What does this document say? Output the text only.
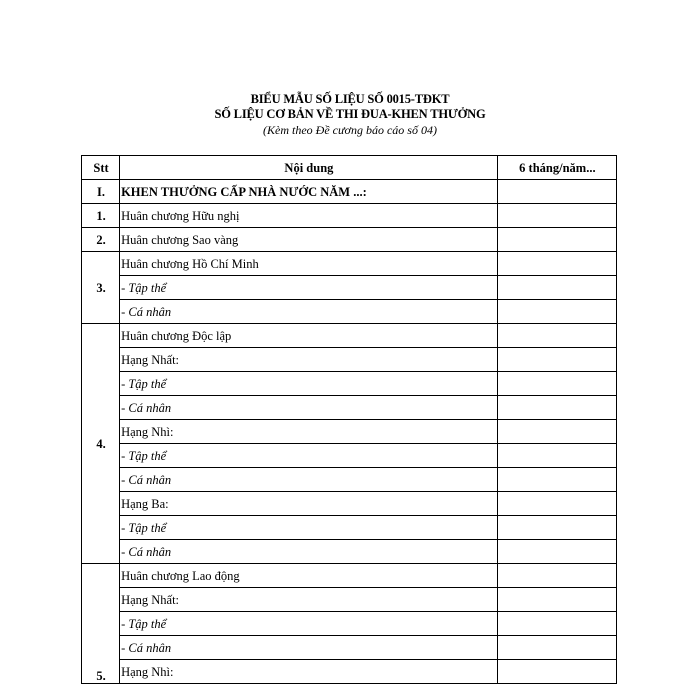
BIỂU MẪU SỐ LIỆU SỐ 0015-TĐKT
SỐ LIỆU CƠ BẢN VỀ THI ĐUA-KHEN THƯỞNG
(Kèm theo Đề cương báo cáo số 04)
Stt	Nội dung	6 tháng/năm...
I.	KHEN THƯỞNG CẤP NHÀ NƯỚC NĂM ...:	
1.	Huân chương Hữu nghị	
2.	Huân chương Sao vàng	
3.	Huân chương Hồ Chí Minh	
	- Tập thể	
	- Cá nhân	
4.	Huân chương Độc lập	
	Hạng Nhất:	
	- Tập thể	
	- Cá nhân	
	Hạng Nhì:	
	- Tập thể	
	- Cá nhân	
	Hạng Ba:	
	- Tập thể	
	- Cá nhân	
5.	Huân chương Lao động	
	Hạng Nhất:	
	- Tập thể	
	- Cá nhân	
	Hạng Nhì:	
